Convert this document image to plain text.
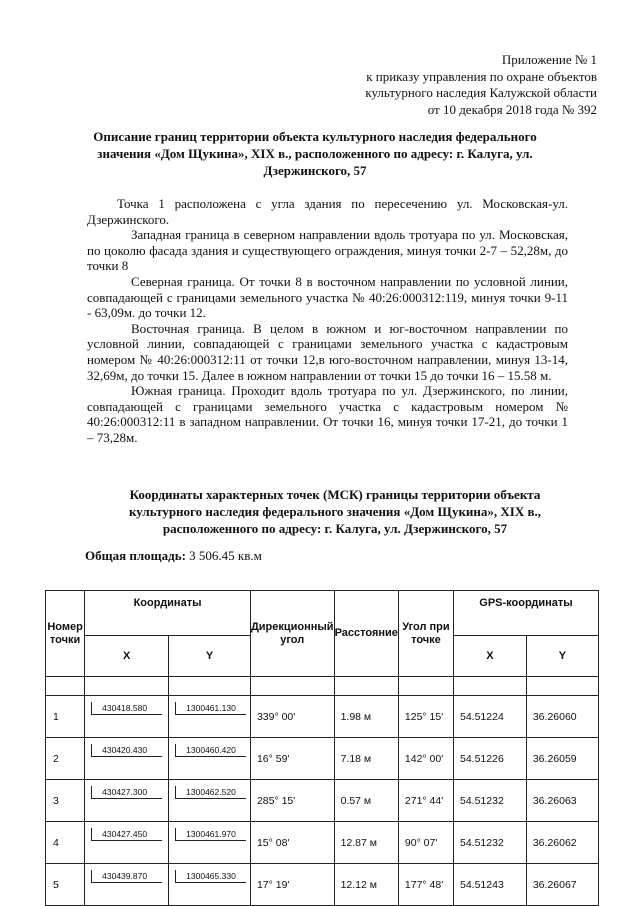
Приложение № 1
к приказу управления по охране объектов
культурного наследия Калужской области
от 10 декабря 2018 года № 392
Описание границ территории объекта культурного наследия федерального значения «Дом Щукина», XIX в., расположенного по адресу: г. Калуга, ул. Дзержинского, 57

Точка 1 расположена с угла здания по пересечению ул. Московская-ул. Дзержинского.

Западная граница в северном направлении вдоль тротуара по ул. Московская, по цоколю фасада здания и существующего ограждения, минуя точки 2-7 – 52,28м, до точки 8

Северная граница. От точки 8 в восточном направлении по условной линии, совпадающей с границами земельного участка № 40:26:000312:119, минуя точки 9-11 - 63,09м. до точки 12.

Восточная граница. В целом в южном и юг-восточном направлении по условной линии, совпадающей с границами земельного участка с кадастровым номером № 40:26:000312:11 от точки 12,в юго-восточном направлении, минуя 13-14, 32,69м, до точки 15. Далее в южном направлении от точки 15 до точки 16 – 15.58 м.

Южная граница. Проходит вдоль тротуара по ул. Дзержинского, по линии, совпадающей с границами земельного участка с кадастровым номером № 40:26:000312:11 в западном направлении. От точки 16, минуя точки 17-21, до точки 1 – 73,28м.

Координаты характерных точек (МСК) границы территории объекта культурного наследия федерального значения «Дом Щукина», XIX в., расположенного по адресу: г. Калуга, ул. Дзержинского, 57
Общая площадь: 3 506.45 кв.м
Номер точки	Координаты		Дирекционный угол	Расстояние	Угол при точке	GPS-координаты	
	X	Y				X	Y

1	430418.580	1300461.130	339° 00'	1.98 м	125° 15'	54.51224	36.26060
2	430420.430	1300460.420	16° 59'	7.18 м	142° 00'	54.51226	36.26059
3	430427.300	1300462.520	285° 15'	0.57 м	271° 44'	54.51232	36.26063
4	430427.450	1300461.970	15° 08'	12.87 м	90° 07'	54.51232	36.26062
5	430439.870	1300465.330	17° 19'	12.12 м	177° 48'	54.51243	36.26067
